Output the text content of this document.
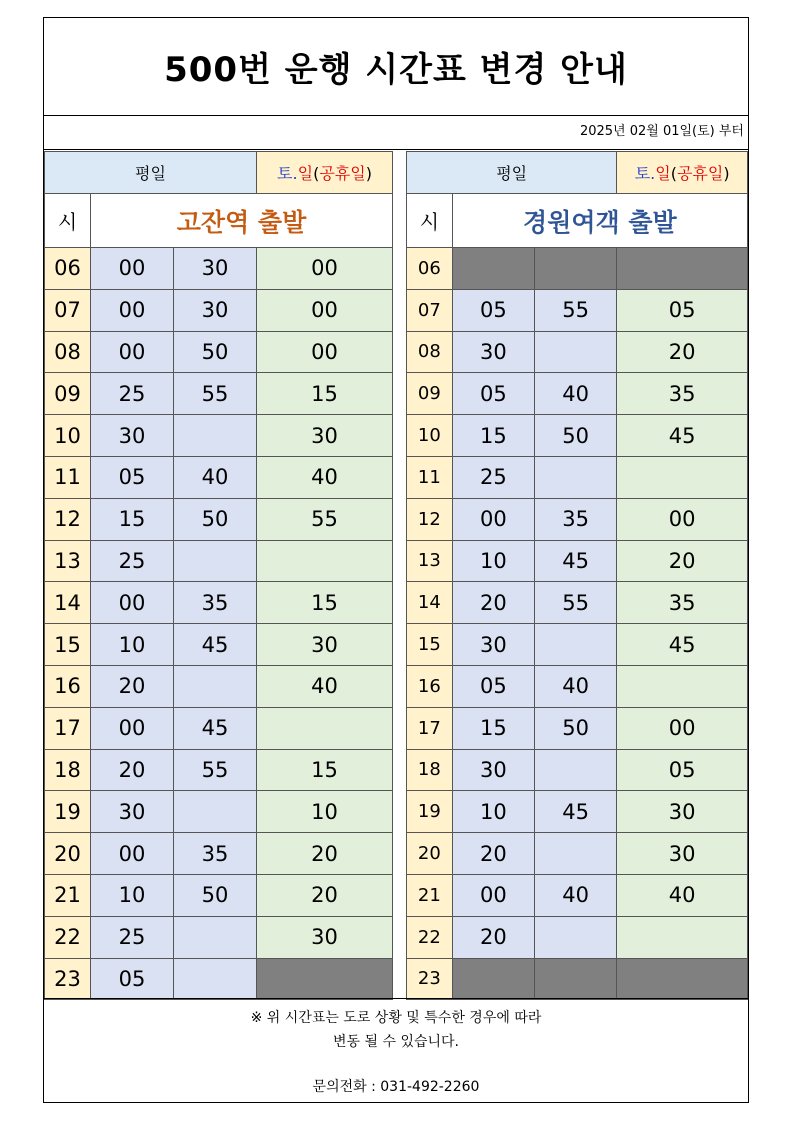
500번 운행 시간표 변경 안내
2025년 02월 01일(토) 부터
평일			토.일(공휴일)
시	고잔역 출발		
06	00	30	00
07	00	30	00
08	00	50	00
09	25	55	15
10	30		30
11	05	40	40
12	15	50	55
13	25		
14	00	35	15
15	10	45	30
16	20		40
17	00	45	
18	20	55	15
19	30		10
20	00	35	20
21	10	50	20
22	25		30
23	05		
평일			토.일(공휴일)
시	경원여객 출발		
06			
07	05	55	05
08	30		20
09	05	40	35
10	15	50	45
11	25		
12	00	35	00
13	10	45	20
14	20	55	35
15	30		45
16	05	40	
17	15	50	00
18	30		05
19	10	45	30
20	20		30
21	00	40	40
22	20		
23			
※ 위 시간표는 도로 상황 및 특수한 경우에 따라
변동 될 수 있습니다.
문의전화 : 031-492-2260
